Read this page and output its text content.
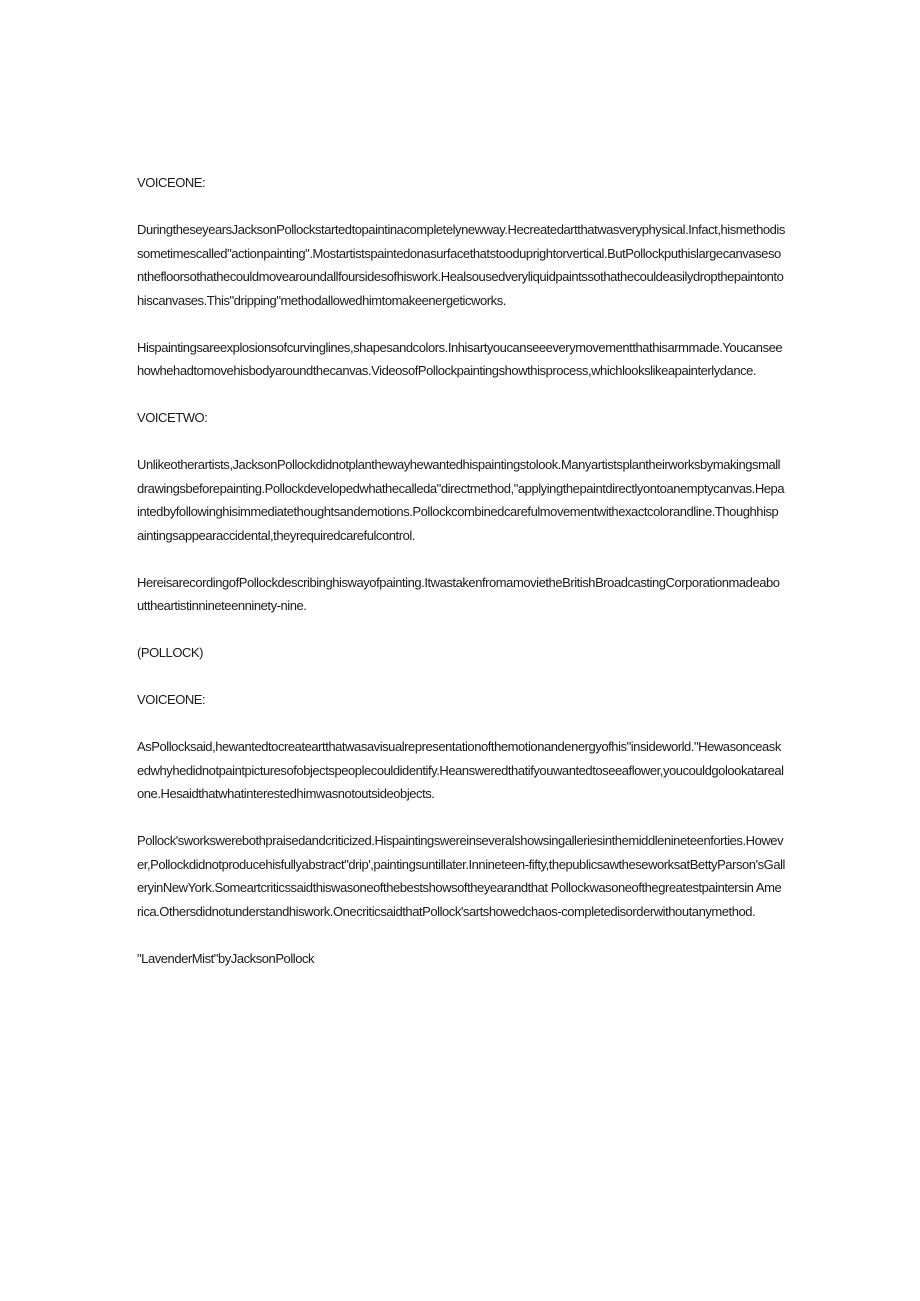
VOICEONE:

DuringtheseyearsJacksonPollockstartedtopaintinacompletelynewway.Hecreatedartthatwasveryphysical.Infact,hismethodissometimescalled"actionpainting".Mostartistspaintedonasurfacethatstooduprightorvertical.ButPollockputhislargecanvasesonthefloorsothathecouldmovearoundallfoursidesofhiswork.Healsousedveryliquidpaintssothathecouldeasilydropthepaintontohiscanvases.This"dripping"methodallowedhimtomakeenergeticworks.

Hispaintingsareexplosionsofcurvinglines,shapesandcolors.Inhisartyoucanseeeverymovementthathisarmmade.Youcanseehowhehadtomovehisbodyaroundthecanvas.VideosofPollockpaintingshowthisprocess,whichlookslikeapainterlydance.

VOICETWO:

Unlikeotherartists,JacksonPollockdidnotplanthewayhewantedhispaintingstolook.Manyartistsplantheirworksbymakingsmalldrawingsbeforepainting.Pollockdevelopedwhathecalleda"directmethod,"applyingthepaintdirectlyontoanemptycanvas.Hepaintedbyfollowinghisimmediatethoughtsandemotions.Pollockcombinedcarefulmovementwithexactcolorandline.Thoughhispaintingsappearaccidental,theyrequiredcarefulcontrol.

HereisarecordingofPollockdescribinghiswayofpainting.ItwastakenfromamovietheBritishBroadcastingCorporationmadeabouttheartistinnineteenninety-nine.

(POLLOCK)

VOICEONE:

AsPollocksaid,hewantedtocreateartthatwasavisualrepresentationofthemotionandenergyofhis"insideworld."Hewasonceaskedwhyhedidnotpaintpicturesofobjectspeoplecouldidentify.Heansweredthatifyouwantedtoseeaflower,youcouldgolookatarealone.Hesaidthatwhatinterestedhimwasnotoutsideobjects.

Pollock'sworkswerebothpraisedandcriticized.Hispaintingswereinseveralshowsingalleriesinthemiddlenineteenforties.However,Pollockdidnotproducehisfullyabstract"drip',paintingsuntillater.Innineteen-fifty,thepublicsawtheseworksatBettyParson'sGalleryinNewYork.Someartcriticssaidthiswasoneofthebestshowsoftheyearandthat Pollockwasoneofthegreatestpaintersin America.Othersdidnotunderstandhiswork.OnecriticsaidthatPollock'sartshowedchaos-completedisorderwithoutanymethod.

"LavenderMist"byJacksonPollock
